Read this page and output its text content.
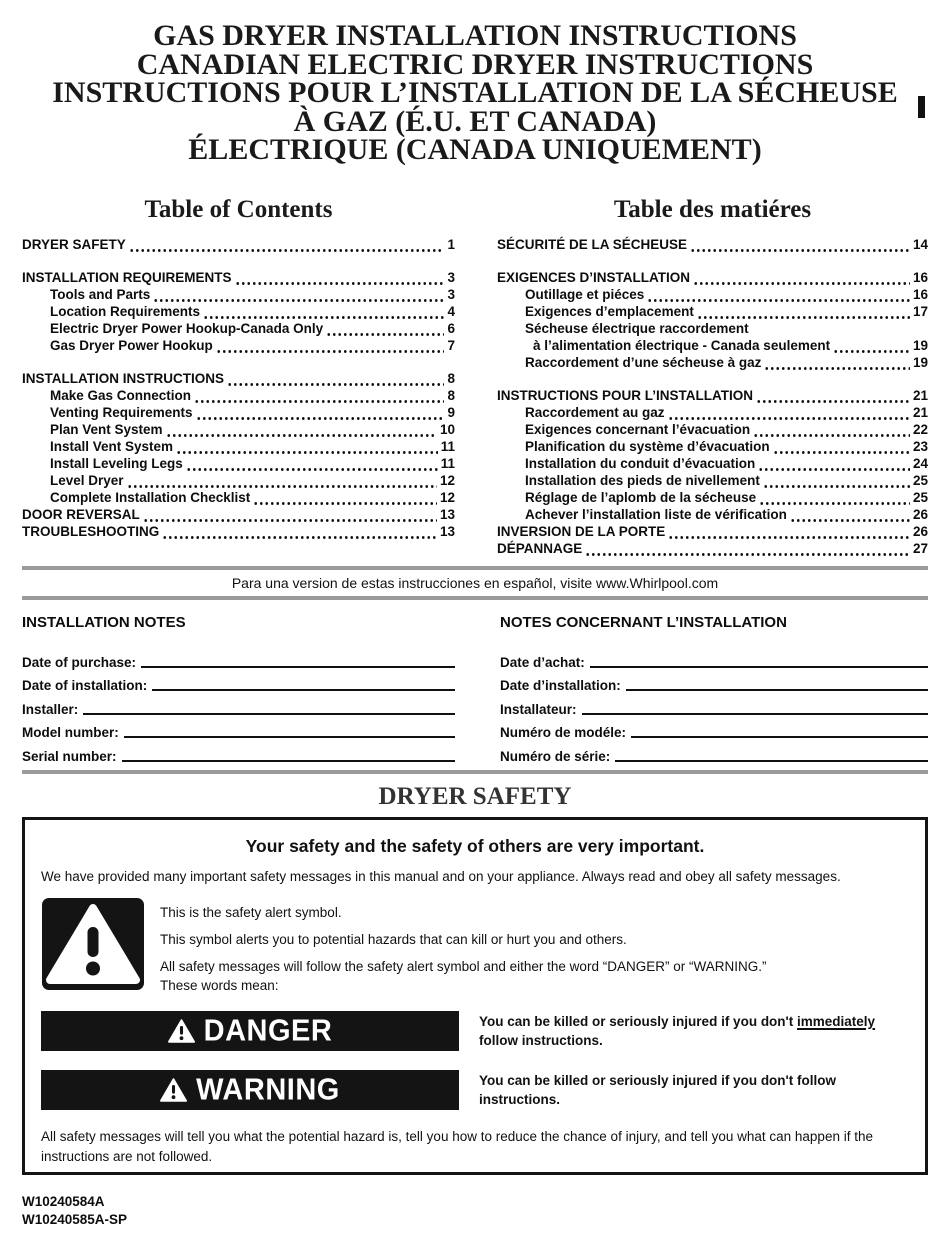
GAS DRYER INSTALLATION INSTRUCTIONS
CANADIAN ELECTRIC DRYER INSTRUCTIONS
INSTRUCTIONS POUR L’INSTALLATION DE LA SÉCHEUSE
À GAZ (É.U. ET CANADA)
ÉLECTRIQUE (CANADA UNIQUEMENT)
Table of Contents
DRYER SAFETY	1
INSTALLATION REQUIREMENTS	3
Tools and Parts	3
Location Requirements	4
Electric Dryer Power Hookup-Canada Only	6
Gas Dryer Power Hookup	7
INSTALLATION INSTRUCTIONS	8
Make Gas Connection	8
Venting Requirements	9
Plan Vent System	10
Install Vent System	11
Install Leveling Legs	11
Level Dryer	12
Complete Installation Checklist	12
DOOR REVERSAL	13
TROUBLESHOOTING	13
Table des matiéres
SÉCURITÉ DE LA SÉCHEUSE	14
EXIGENCES D’INSTALLATION	16
Outillage et piéces	16
Exigences d’emplacement	17
Sécheuse électrique raccordement
à l’alimentation électrique - Canada seulement	19
Raccordement d’une sécheuse à gaz	19
INSTRUCTIONS POUR L’INSTALLATION	21
Raccordement au gaz	21
Exigences concernant l’évacuation	22
Planification du système d’évacuation	23
Installation du conduit d’évacuation	24
Installation des pieds de nivellement	25
Réglage de l’aplomb de la sécheuse	25
Achever l’installation liste de vérification	26
INVERSION DE LA PORTE	26
DÉPANNAGE	27
Para una version de estas instrucciones en español, visite www.Whirlpool.com
INSTALLATION NOTES
Date of purchase:
Date of installation:
Installer:
Model number:
Serial number:
NOTES CONCERNANT L’INSTALLATION
Date d’achat:
Date d’installation:
Installateur:
Numéro de modéle:
Numéro de série:
DRYER SAFETY
Your safety and the safety of others are very important.
We have provided many important safety messages in this manual and on your appliance. Always read and obey all safety messages.
This is the safety alert symbol.
This symbol alerts you to potential hazards that can kill or hurt you and others.
All safety messages will follow the safety alert symbol and either the word “DANGER” or “WARNING.”
These words mean:
DANGER	You can be killed or seriously injured if you don't immediately follow instructions.
WARNING	You can be killed or seriously injured if you don't follow instructions.
All safety messages will tell you what the potential hazard is, tell you how to reduce the chance of injury, and tell you what can happen if the instructions are not followed.
W10240584A
W10240585A-SP
